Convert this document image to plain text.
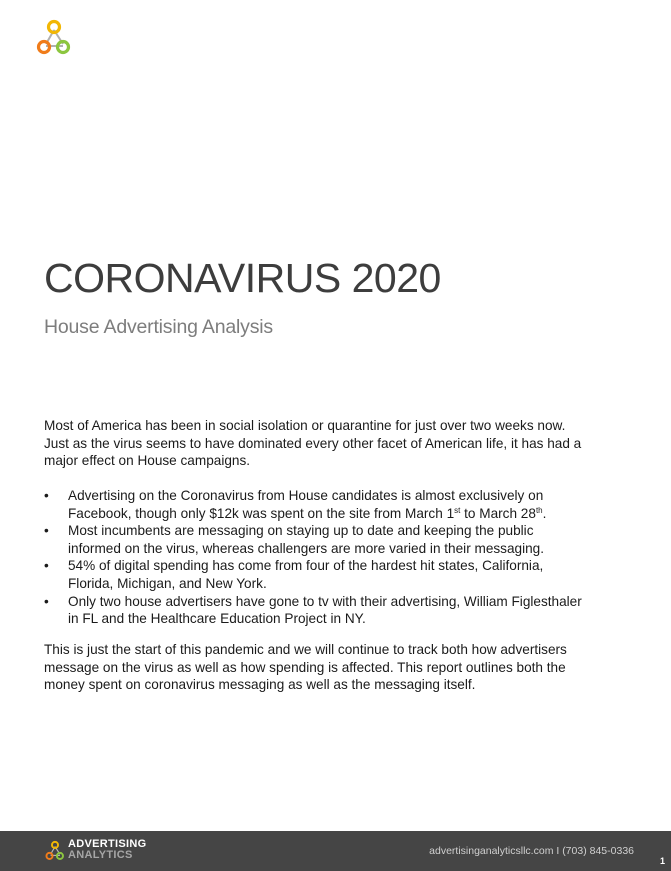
CORONAVIRUS 2020
House Advertising Analysis

Most of America has been in social isolation or quarantine for just over two weeks now. Just as the virus seems to have dominated every other facet of American life, it has had a major effect on House campaigns.

•	Advertising on the Coronavirus from House candidates is almost exclusively on Facebook, though only $12k was spent on the site from March 1st to March 28th.
•	Most incumbents are messaging on staying up to date and keeping the public informed on the virus, whereas challengers are more varied in their messaging.
•	54% of digital spending has come from four of the hardest hit states, California, Florida, Michigan, and New York.
•	Only two house advertisers have gone to tv with their advertising, William Figlesthaler in FL and the Healthcare Education Project in NY.

This is just the start of this pandemic and we will continue to track both how advertisers message on the virus as well as how spending is affected. This report outlines both the money spent on coronavirus messaging as well as the messaging itself.

ADVERTISING
ANALYTICS	advertisinganalyticsllc.com I (703) 845-0336
1
